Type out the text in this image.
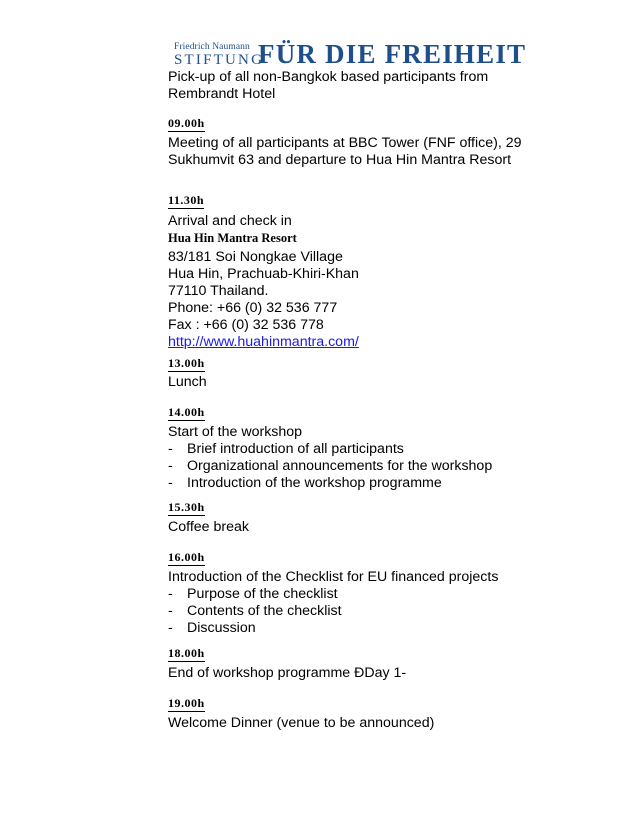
Friedrich Naumann
STIFTUNG
FÜR DIE FREIHEIT
Pick-up of all non-Bangkok based participants from
Rembrandt Hotel
09.00h
Meeting of all participants at BBC Tower (FNF office), 29
Sukhumvit 63 and departure to Hua Hin Mantra Resort
11.30h
Arrival and check in
Hua Hin Mantra Resort
83/181 Soi Nongkae Village
Hua Hin, Prachuab-Khiri-Khan
77110 Thailand.
Phone: +66 (0) 32 536 777
Fax : +66 (0) 32 536 778
http://www.huahinmantra.com/
13.00h
Lunch
14.00h
Start of the workshop
- Brief introduction of all participants
- Organizational announcements for the workshop
- Introduction of the workshop programme
15.30h
Coffee break
16.00h
Introduction of the Checklist for EU financed projects
- Purpose of the checklist
- Contents of the checklist
- Discussion
18.00h
End of workshop programme ĐDay 1-
19.00h
Welcome Dinner (venue to be announced)
